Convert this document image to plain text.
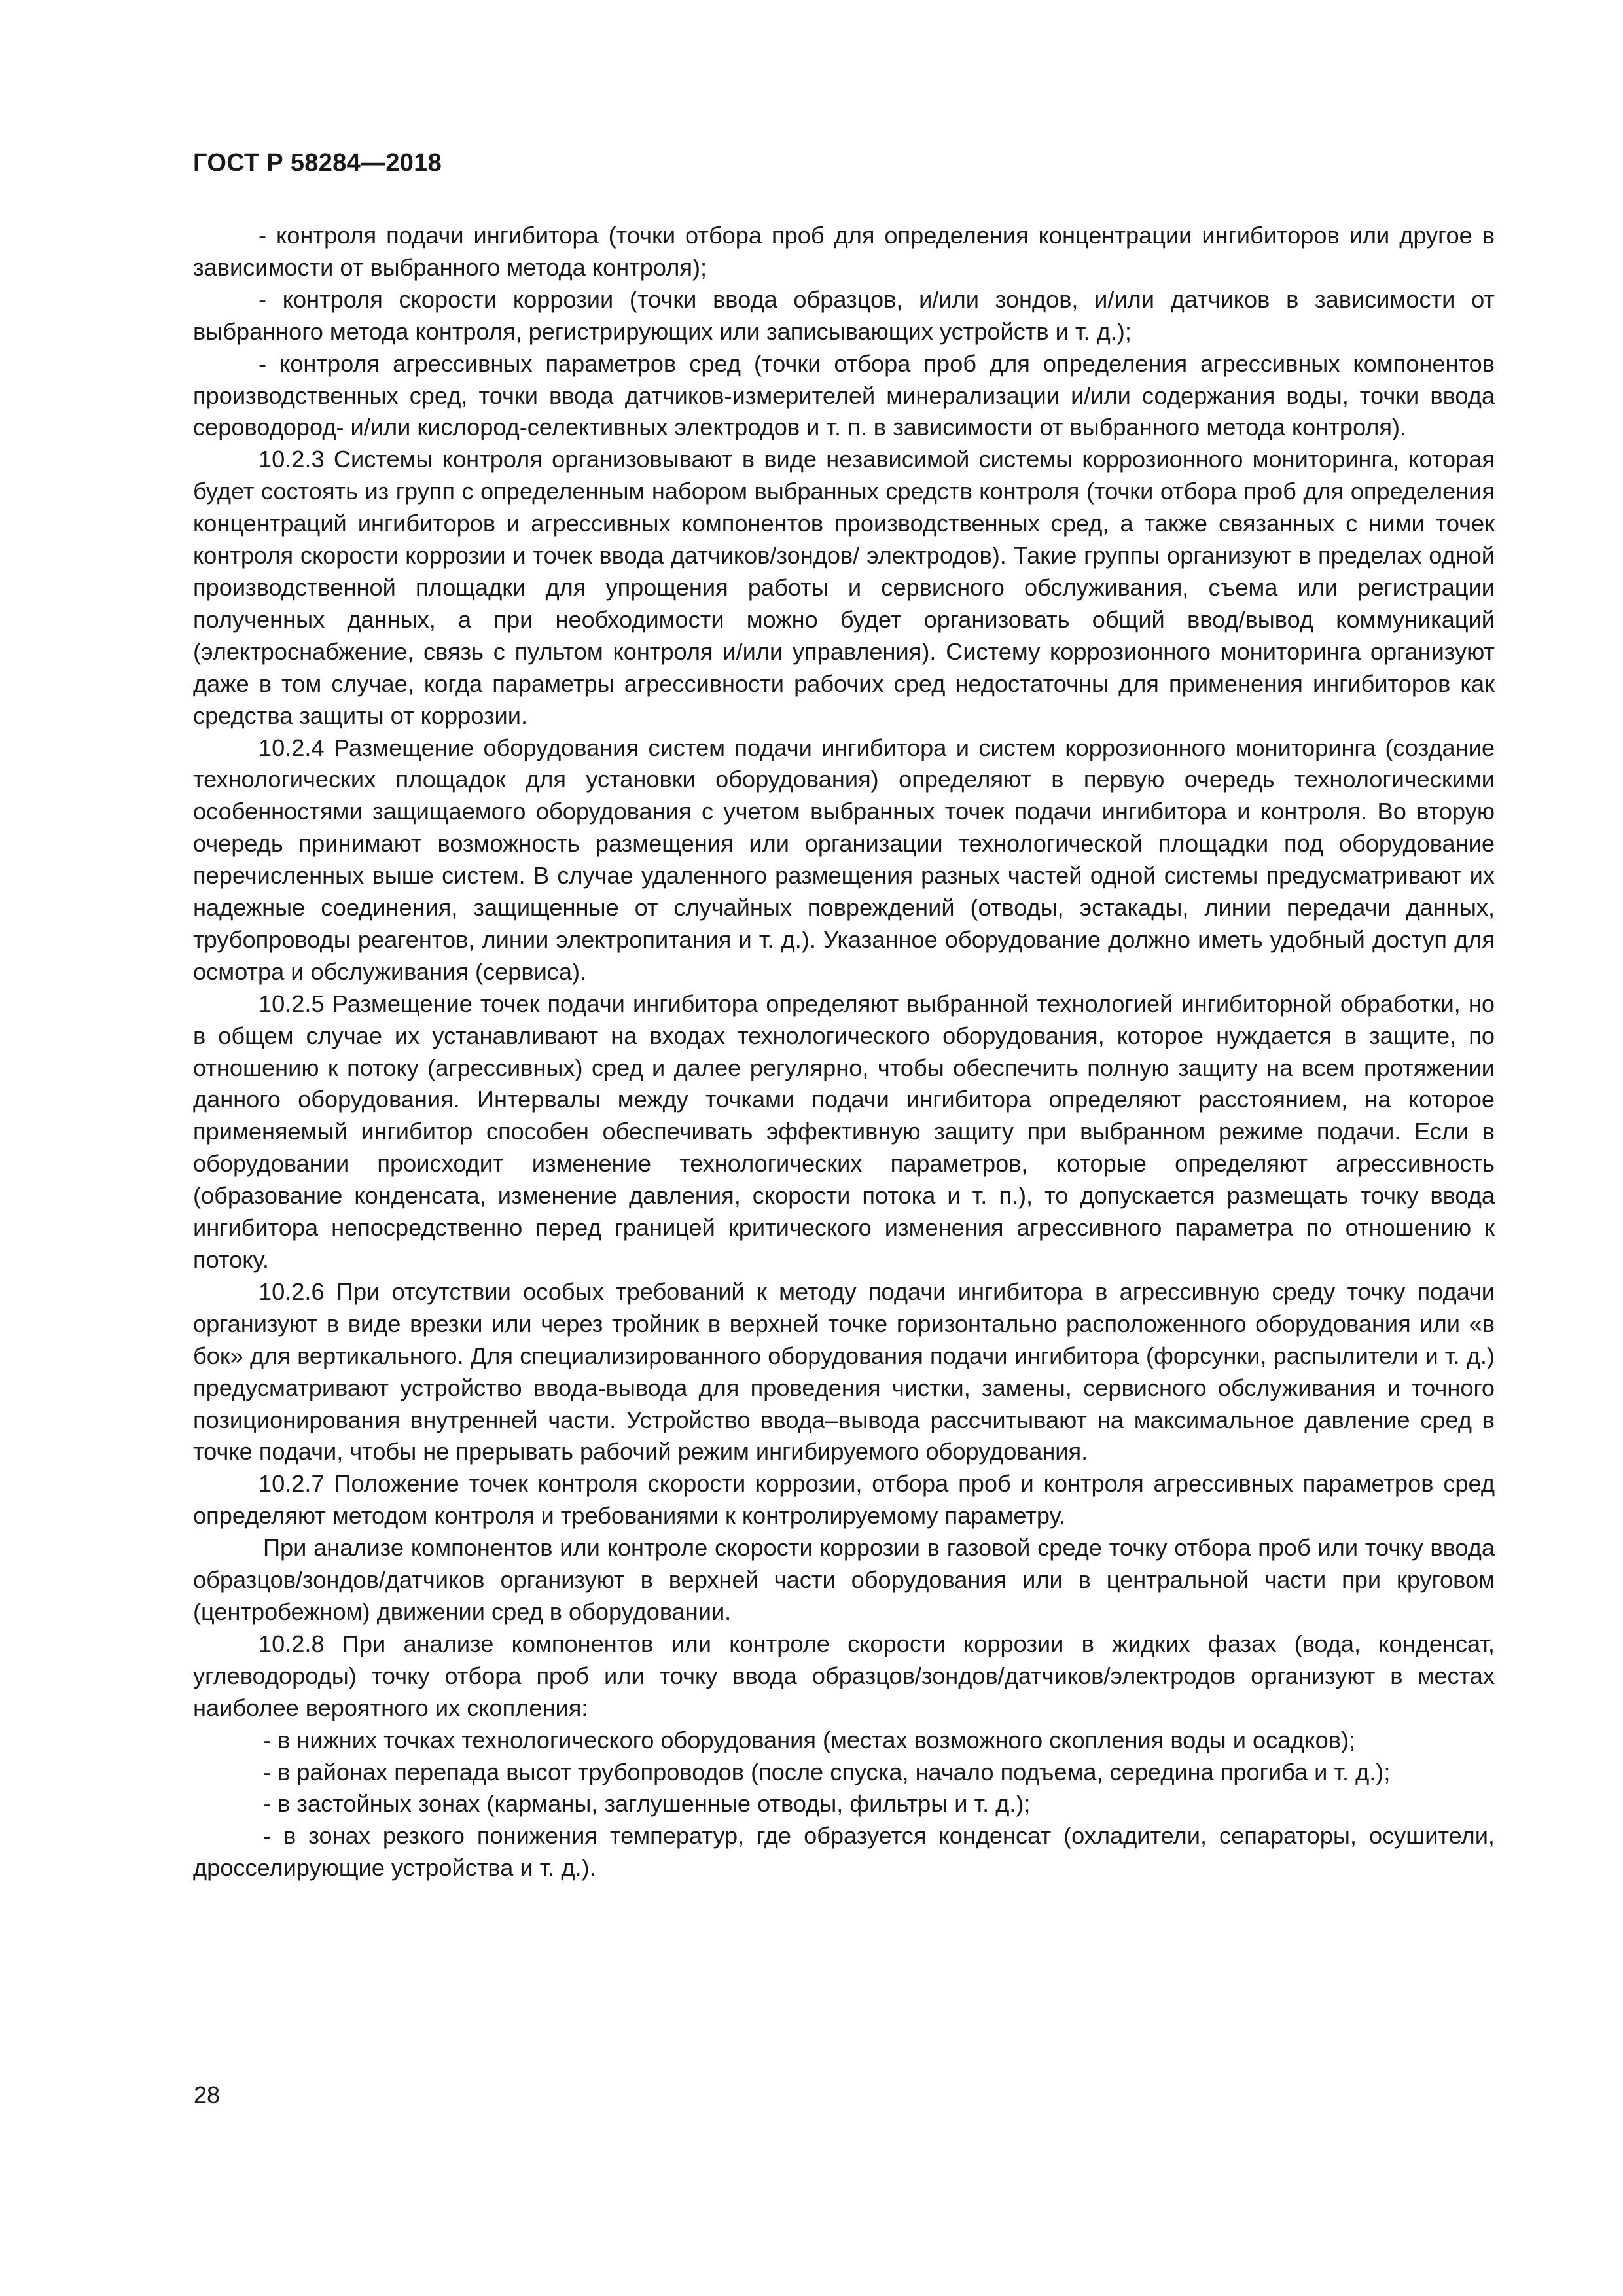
ГОСТ Р 58284—2018

- контроля подачи ингибитора (точки отбора проб для определения концентрации ингибиторов или другое в зависимости от выбранного метода контроля);

- контроля скорости коррозии (точки ввода образцов, и/или зондов, и/или датчиков в зависимости от выбранного метода контроля, регистрирующих или записывающих устройств и т. д.);

- контроля агрессивных параметров сред (точки отбора проб для определения агрессивных компонентов производственных сред, точки ввода датчиков-измерителей минерализации и/или содержания воды, точки ввода сероводород- и/или кислород-селективных электродов и т. п. в зависимости от выбранного метода контроля).

10.2.3 Системы контроля организовывают в виде независимой системы коррозионного мониторинга, которая будет состоять из групп с определенным набором выбранных средств контроля (точки отбора проб для определения концентраций ингибиторов и агрессивных компонентов производственных сред, а также связанных с ними точек контроля скорости коррозии и точек ввода датчиков/зондов/ электродов). Такие группы организуют в пределах одной производственной площадки для упрощения работы и сервисного обслуживания, съема или регистрации полученных данных, а при необходимости можно будет организовать общий ввод/вывод коммуникаций (электроснабжение, связь с пультом контроля и/или управления). Систему коррозионного мониторинга организуют даже в том случае, когда параметры агрессивности рабочих сред недостаточны для применения ингибиторов как средства защиты от коррозии.

10.2.4 Размещение оборудования систем подачи ингибитора и систем коррозионного мониторинга (создание технологических площадок для установки оборудования) определяют в первую очередь технологическими особенностями защищаемого оборудования с учетом выбранных точек подачи ингибитора и контроля. Во вторую очередь принимают возможность размещения или организации технологической площадки под оборудование перечисленных выше систем. В случае удаленного размещения разных частей одной системы предусматривают их надежные соединения, защищенные от случайных повреждений (отводы, эстакады, линии передачи данных, трубопроводы реагентов, линии электропитания и т. д.). Указанное оборудование должно иметь удобный доступ для осмотра и обслуживания (сервиса).

10.2.5 Размещение точек подачи ингибитора определяют выбранной технологией ингибиторной обработки, но в общем случае их устанавливают на входах технологического оборудования, которое нуждается в защите, по отношению к потоку (агрессивных) сред и далее регулярно, чтобы обеспечить полную защиту на всем протяжении данного оборудования. Интервалы между точками подачи ингибитора определяют расстоянием, на которое применяемый ингибитор способен обеспечивать эффективную защиту при выбранном режиме подачи. Если в оборудовании происходит изменение технологических параметров, которые определяют агрессивность (образование конденсата, изменение давления, скорости потока и т. п.), то допускается размещать точку ввода ингибитора непосредственно перед границей критического изменения агрессивного параметра по отношению к потоку.

10.2.6 При отсутствии особых требований к методу подачи ингибитора в агрессивную среду точку подачи организуют в виде врезки или через тройник в верхней точке горизонтально расположенного оборудования или «в бок» для вертикального. Для специализированного оборудования подачи ингибитора (форсунки, распылители и т. д.) предусматривают устройство ввода-вывода для проведения чистки, замены, сервисного обслуживания и точного позиционирования внутренней части. Устройство ввода–вывода рассчитывают на максимальное давление сред в точке подачи, чтобы не прерывать рабочий режим ингибируемого оборудования.

10.2.7 Положение точек контроля скорости коррозии, отбора проб и контроля агрессивных параметров сред определяют методом контроля и требованиями к контролируемому параметру.

При анализе компонентов или контроле скорости коррозии в газовой среде точку отбора проб или точку ввода образцов/зондов/датчиков организуют в верхней части оборудования или в центральной части при круговом (центробежном) движении сред в оборудовании.

10.2.8 При анализе компонентов или контроле скорости коррозии в жидких фазах (вода, конденсат, углеводороды) точку отбора проб или точку ввода образцов/зондов/датчиков/электродов организуют в местах наиболее вероятного их скопления:

- в нижних точках технологического оборудования (местах возможного скопления воды и осадков);

- в районах перепада высот трубопроводов (после спуска, начало подъема, середина прогиба и т. д.);

- в застойных зонах (карманы, заглушенные отводы, фильтры и т. д.);

- в зонах резкого понижения температур, где образуется конденсат (охладители, сепараторы, осушители, дросселирующие устройства и т. д.).

28
